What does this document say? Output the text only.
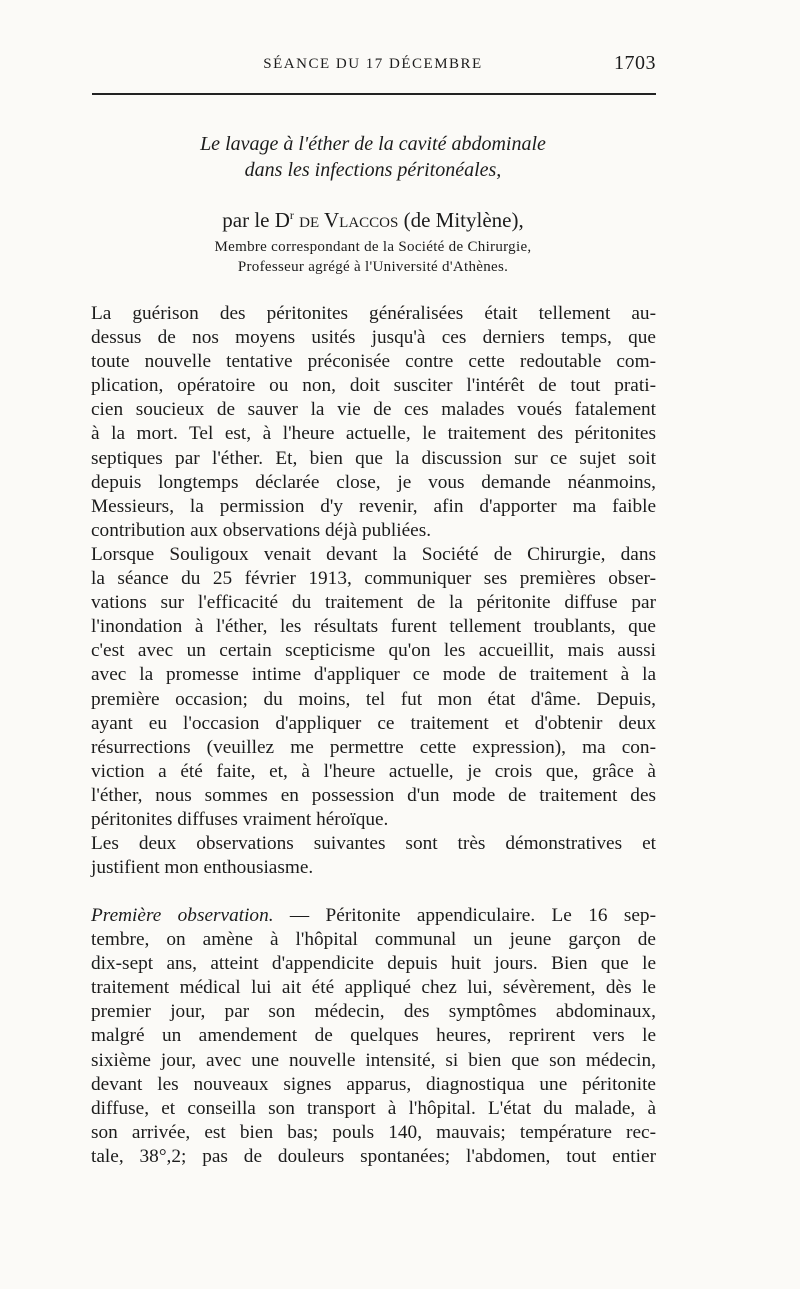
SÉANCE DU 17 DÉCEMBRE	1703
Le lavage à l'éther de la cavité abdominale
dans les infections péritonéales,
par le $D^r$ de Vlaccos (de Mitylène),
Membre correspondant de la Société de Chirurgie,
Professeur agrégé à l'Université d'Athènes.
La guérison des péritonites généralisées était tellement au-
dessus de nos moyens usités jusqu'à ces derniers temps, que
toute nouvelle tentative préconisée contre cette redoutable com-
plication, opératoire ou non, doit susciter l'intérêt de tout prati-
cien soucieux de sauver la vie de ces malades voués fatalement
à la mort. Tel est, à l'heure actuelle, le traitement des péritonites
septiques par l'éther. Et, bien que la discussion sur ce sujet soit
depuis longtemps déclarée close, je vous demande néanmoins,
Messieurs, la permission d'y revenir, afin d'apporter ma faible
contribution aux observations déjà publiées.
Lorsque Souligoux venait devant la Société de Chirurgie, dans
la séance du 25 février 1913, communiquer ses premières obser-
vations sur l'efficacité du traitement de la péritonite diffuse par
l'inondation à l'éther, les résultats furent tellement troublants, que
c'est avec un certain scepticisme qu'on les accueillit, mais aussi
avec la promesse intime d'appliquer ce mode de traitement à la
première occasion; du moins, tel fut mon état d'âme. Depuis,
ayant eu l'occasion d'appliquer ce traitement et d'obtenir deux
résurrections (veuillez me permettre cette expression), ma con-
viction a été faite, et, à l'heure actuelle, je crois que, grâce à
l'éther, nous sommes en possession d'un mode de traitement des
péritonites diffuses vraiment héroïque.
Les deux observations suivantes sont très démonstratives et
justifient mon enthousiasme.
Première observation. — Péritonite appendiculaire. Le 16 sep-
tembre, on amène à l'hôpital communal un jeune garçon de
dix-sept ans, atteint d'appendicite depuis huit jours. Bien que le
traitement médical lui ait été appliqué chez lui, sévèrement, dès le
premier jour, par son médecin, des symptômes abdominaux,
malgré un amendement de quelques heures, reprirent vers le
sixième jour, avec une nouvelle intensité, si bien que son médecin,
devant les nouveaux signes apparus, diagnostiqua une péritonite
diffuse, et conseilla son transport à l'hôpital. L'état du malade, à
son arrivée, est bien bas; pouls 140, mauvais; température rec-
tale, 38°,2; pas de douleurs spontanées; l'abdomen, tout entier
